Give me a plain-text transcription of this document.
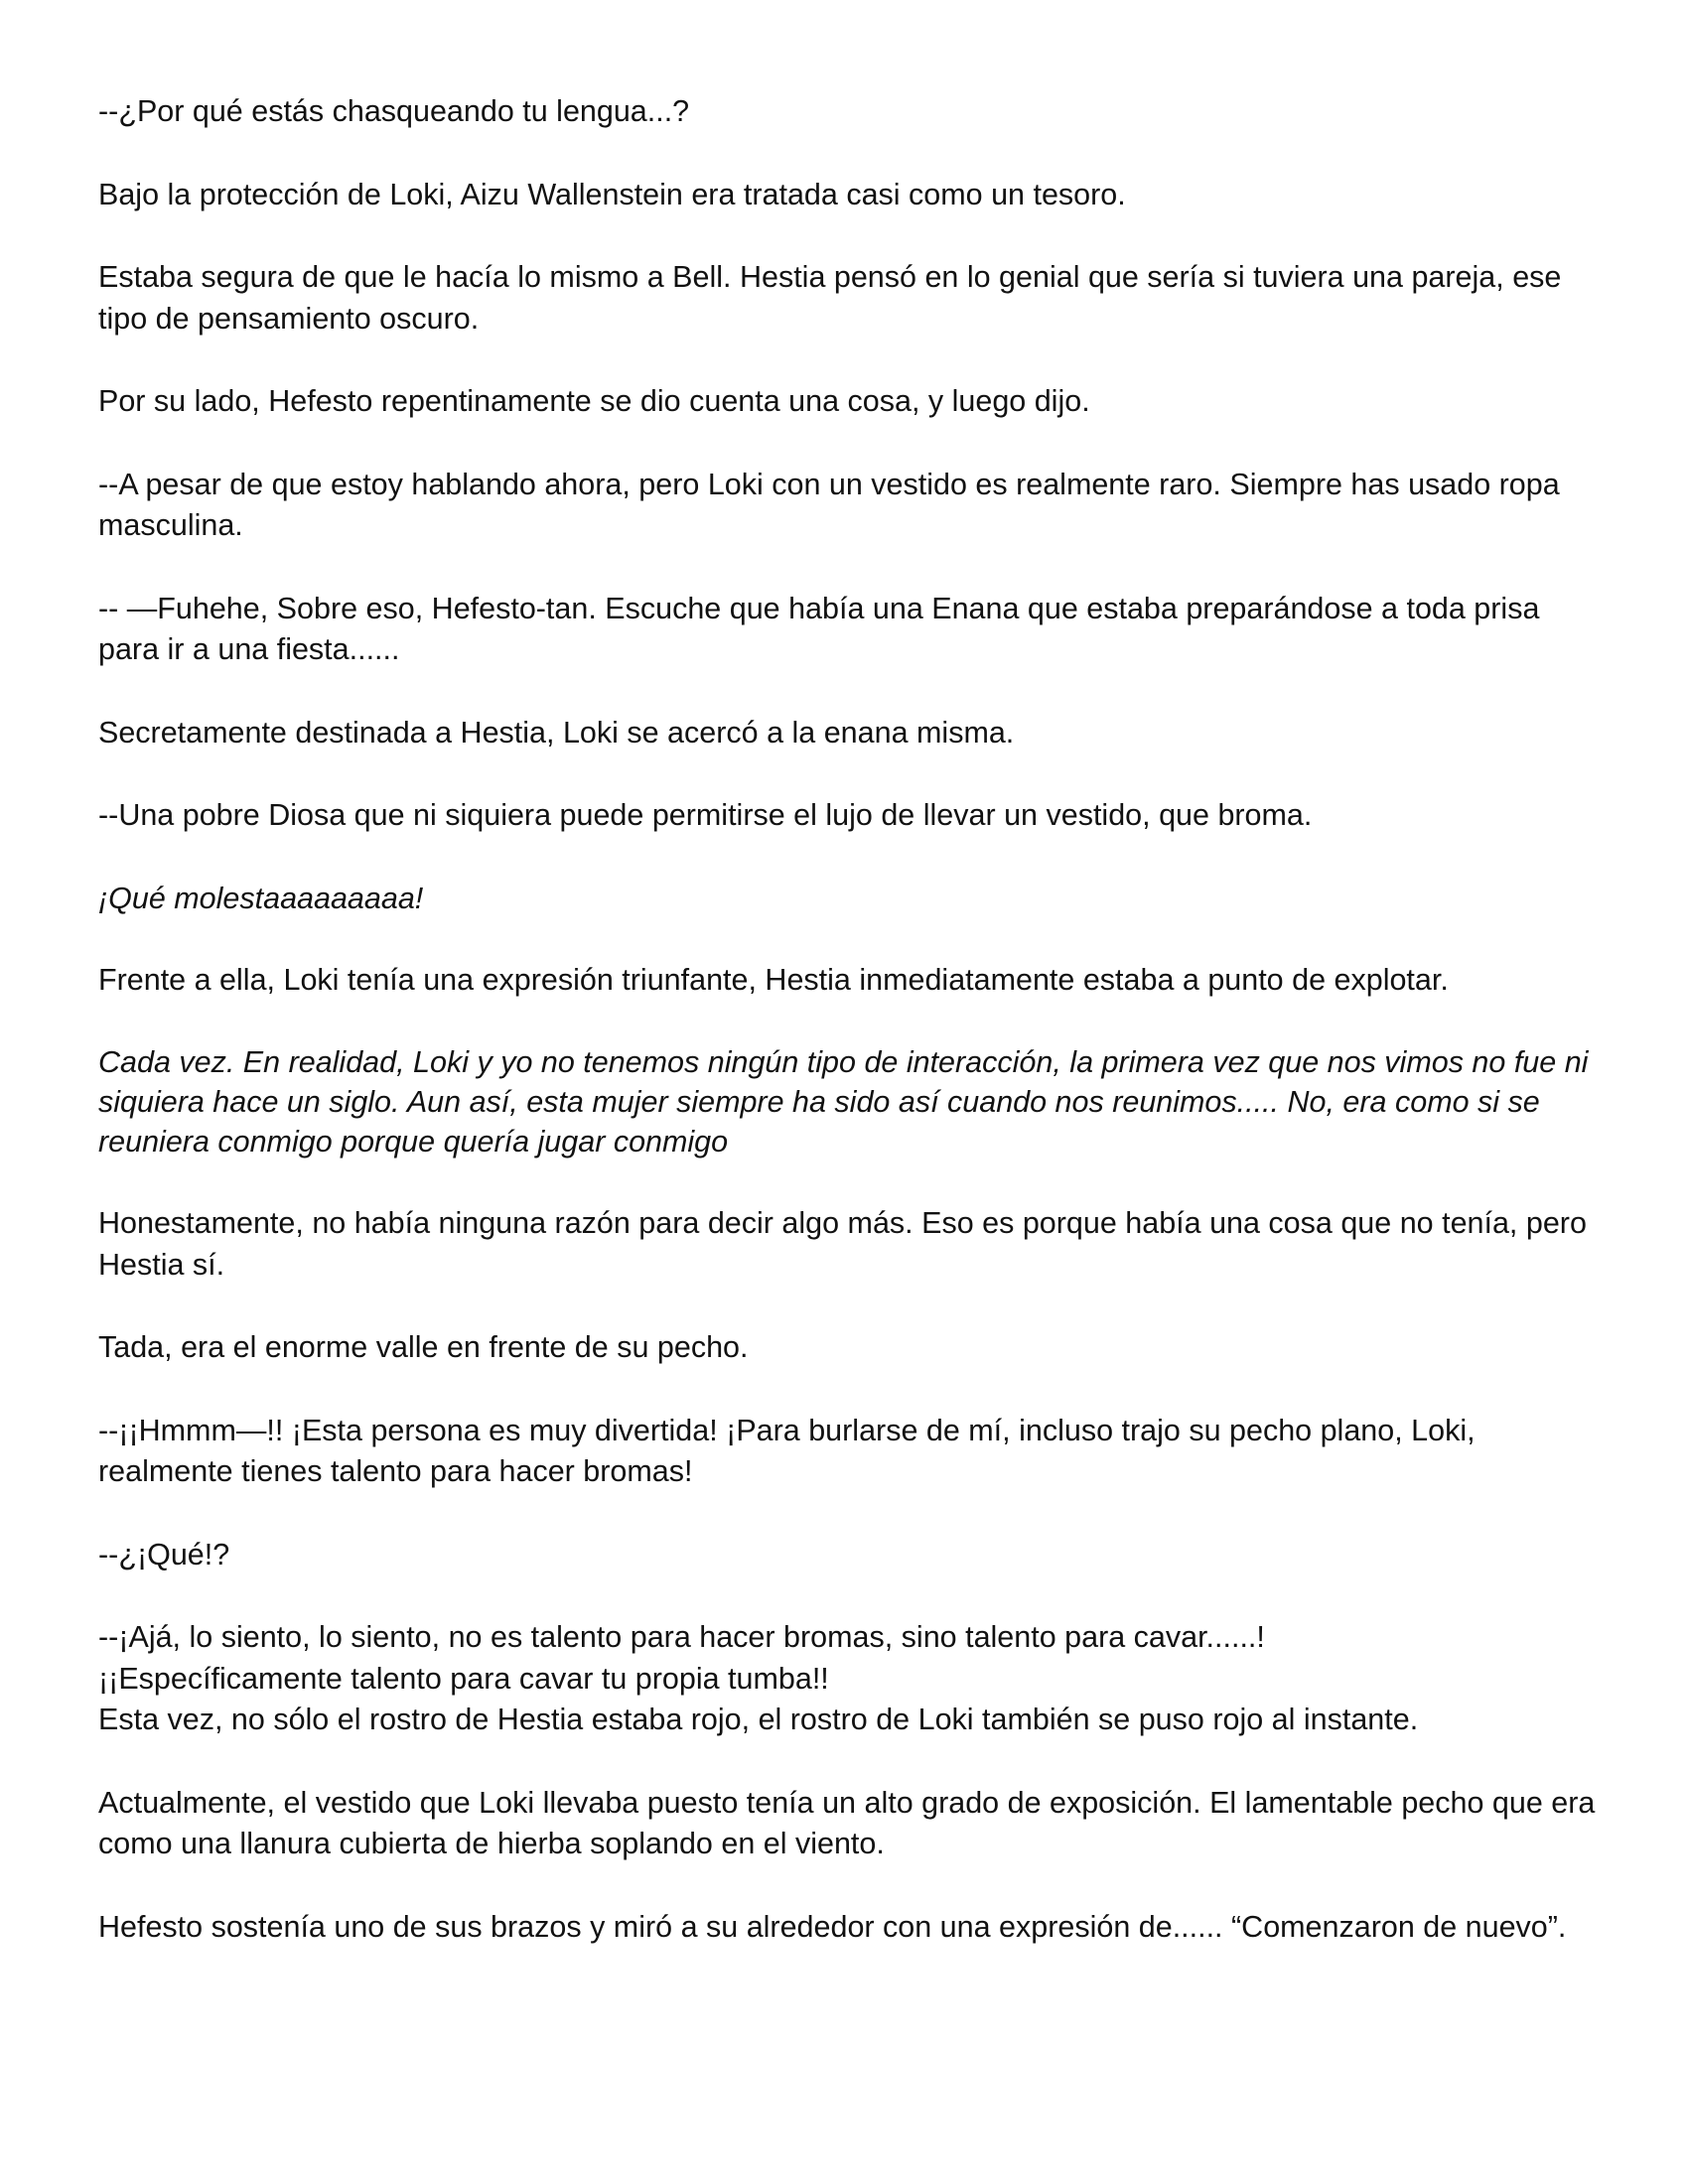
--¿Por qué estás chasqueando tu lengua...?

Bajo la protección de Loki, Aizu Wallenstein era tratada casi como un tesoro.

Estaba segura de que le hacía lo mismo a Bell. Hestia pensó en lo genial que sería si tuviera una pareja, ese tipo de pensamiento oscuro.

Por su lado, Hefesto repentinamente se dio cuenta una cosa, y luego dijo.

--A pesar de que estoy hablando ahora, pero Loki con un vestido es realmente raro. Siempre has usado ropa masculina.

-- —Fuhehe, Sobre eso, Hefesto-tan. Escuche que había una Enana que estaba preparándose a toda prisa para ir a una fiesta......

Secretamente destinada a Hestia, Loki se acercó a la enana misma.

--Una pobre Diosa que ni siquiera puede permitirse el lujo de llevar un vestido, que broma.

¡Qué molestaaaaaaaaa!

Frente a ella, Loki tenía una expresión triunfante, Hestia inmediatamente estaba a punto de explotar.

Cada vez. En realidad, Loki y yo no tenemos ningún tipo de interacción, la primera vez que nos vimos no fue ni siquiera hace un siglo. Aun así, esta mujer siempre ha sido así cuando nos reunimos..... No, era como si se reuniera conmigo porque quería jugar conmigo

Honestamente, no había ninguna razón para decir algo más. Eso es porque había una cosa que no tenía, pero Hestia sí.

Tada, era el enorme valle en frente de su pecho.

--¡¡Hmmm—!! ¡Esta persona es muy divertida! ¡Para burlarse de mí, incluso trajo su pecho plano, Loki, realmente tienes talento para hacer bromas!

--¿¡Qué!?

--¡Ajá, lo siento, lo siento, no es talento para hacer bromas, sino talento para cavar......!
¡¡Específicamente talento para cavar tu propia tumba!!

Esta vez, no sólo el rostro de Hestia estaba rojo, el rostro de Loki también se puso rojo al instante.

Actualmente, el vestido que Loki llevaba puesto tenía un alto grado de exposición. El lamentable pecho que era como una llanura cubierta de hierba soplando en el viento.

Hefesto sostenía uno de sus brazos y miró a su alrededor con una expresión de...... “Comenzaron de nuevo”.
